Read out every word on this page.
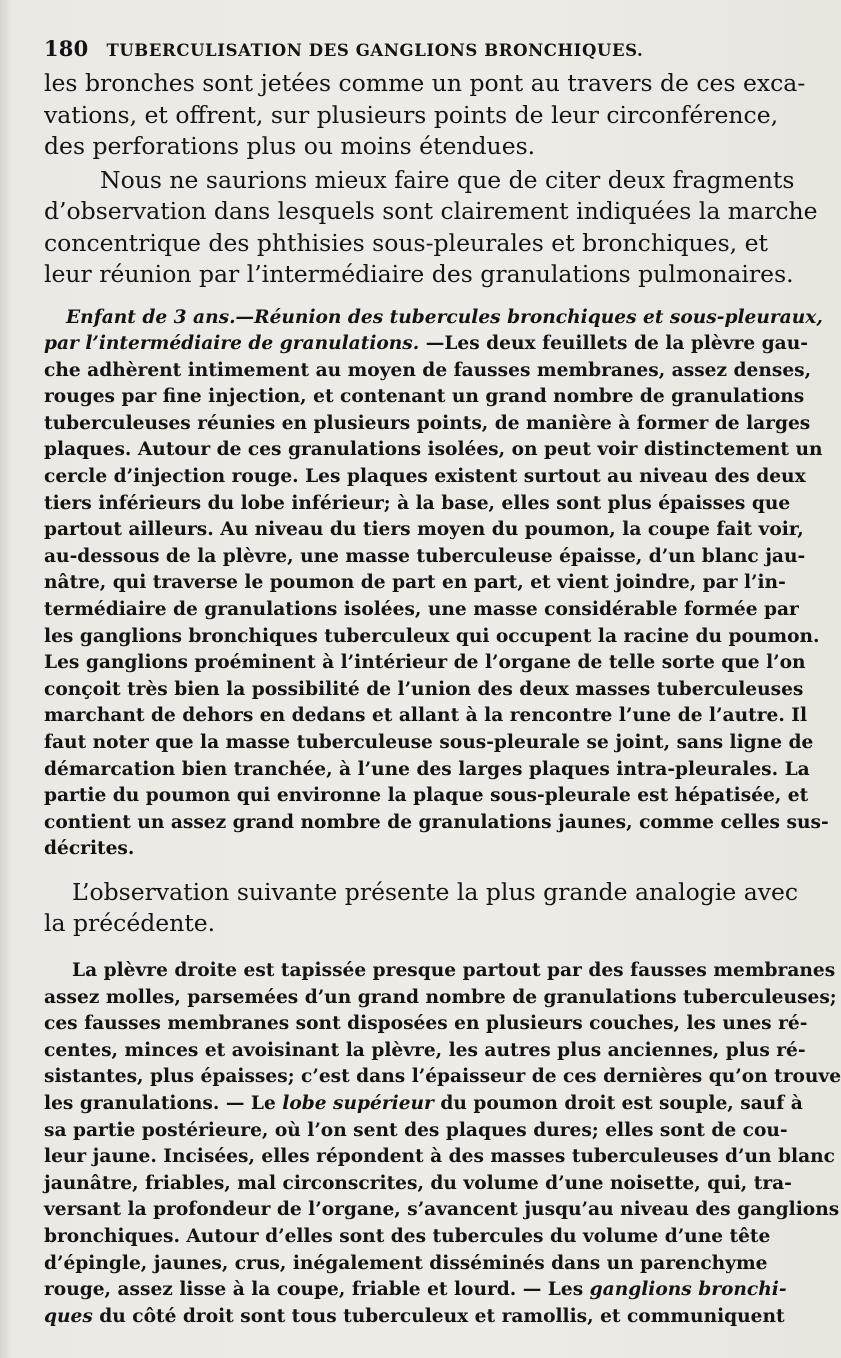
180 TUBERCULISATION DES GANGLIONS BRONCHIQUES.
les bronches sont jetées comme un pont au travers de ces exca-
vations, et offrent, sur plusieurs points de leur circonférence,
des perforations plus ou moins étendues.
Nous ne saurions mieux faire que de citer deux fragments
d’observation dans lesquels sont clairement indiquées la marche
concentrique des phthisies sous-pleurales et bronchiques, et
leur réunion par l’intermédiaire des granulations pulmonaires.
Enfant de 3 ans.—Réunion des tubercules bronchiques et sous-pleuraux,
par l’intermédiaire de granulations. —Les deux feuillets de la plèvre gau-
che adhèrent intimement au moyen de fausses membranes, assez denses,
rouges par fine injection, et contenant un grand nombre de granulations
tuberculeuses réunies en plusieurs points, de manière à former de larges
plaques. Autour de ces granulations isolées, on peut voir distinctement un
cercle d’injection rouge. Les plaques existent surtout au niveau des deux
tiers inférieurs du lobe inférieur; à la base, elles sont plus épaisses que
partout ailleurs. Au niveau du tiers moyen du poumon, la coupe fait voir,
au-dessous de la plèvre, une masse tuberculeuse épaisse, d’un blanc jau-
nâtre, qui traverse le poumon de part en part, et vient joindre, par l’in-
termédiaire de granulations isolées, une masse considérable formée par
les ganglions bronchiques tuberculeux qui occupent la racine du poumon.
Les ganglions proéminent à l’intérieur de l’organe de telle sorte que l’on
conçoit très bien la possibilité de l’union des deux masses tuberculeuses
marchant de dehors en dedans et allant à la rencontre l’une de l’autre. Il
faut noter que la masse tuberculeuse sous-pleurale se joint, sans ligne de
démarcation bien tranchée, à l’une des larges plaques intra-pleurales. La
partie du poumon qui environne la plaque sous-pleurale est hépatisée, et
contient un assez grand nombre de granulations jaunes, comme celles sus-
décrites.
L’observation suivante présente la plus grande analogie avec
la précédente.
La plèvre droite est tapissée presque partout par des fausses membranes
assez molles, parsemées d’un grand nombre de granulations tuberculeuses;
ces fausses membranes sont disposées en plusieurs couches, les unes ré-
centes, minces et avoisinant la plèvre, les autres plus anciennes, plus ré-
sistantes, plus épaisses; c’est dans l’épaisseur de ces dernières qu’on trouve
les granulations. — Le lobe supérieur du poumon droit est souple, sauf à
sa partie postérieure, où l’on sent des plaques dures; elles sont de cou-
leur jaune. Incisées, elles répondent à des masses tuberculeuses d’un blanc
jaunâtre, friables, mal circonscrites, du volume d’une noisette, qui, tra-
versant la profondeur de l’organe, s’avancent jusqu’au niveau des ganglions
bronchiques. Autour d’elles sont des tubercules du volume d’une tête
d’épingle, jaunes, crus, inégalement disséminés dans un parenchyme
rouge, assez lisse à la coupe, friable et lourd. — Les ganglions bronchi-
ques du côté droit sont tous tuberculeux et ramollis, et communiquent
